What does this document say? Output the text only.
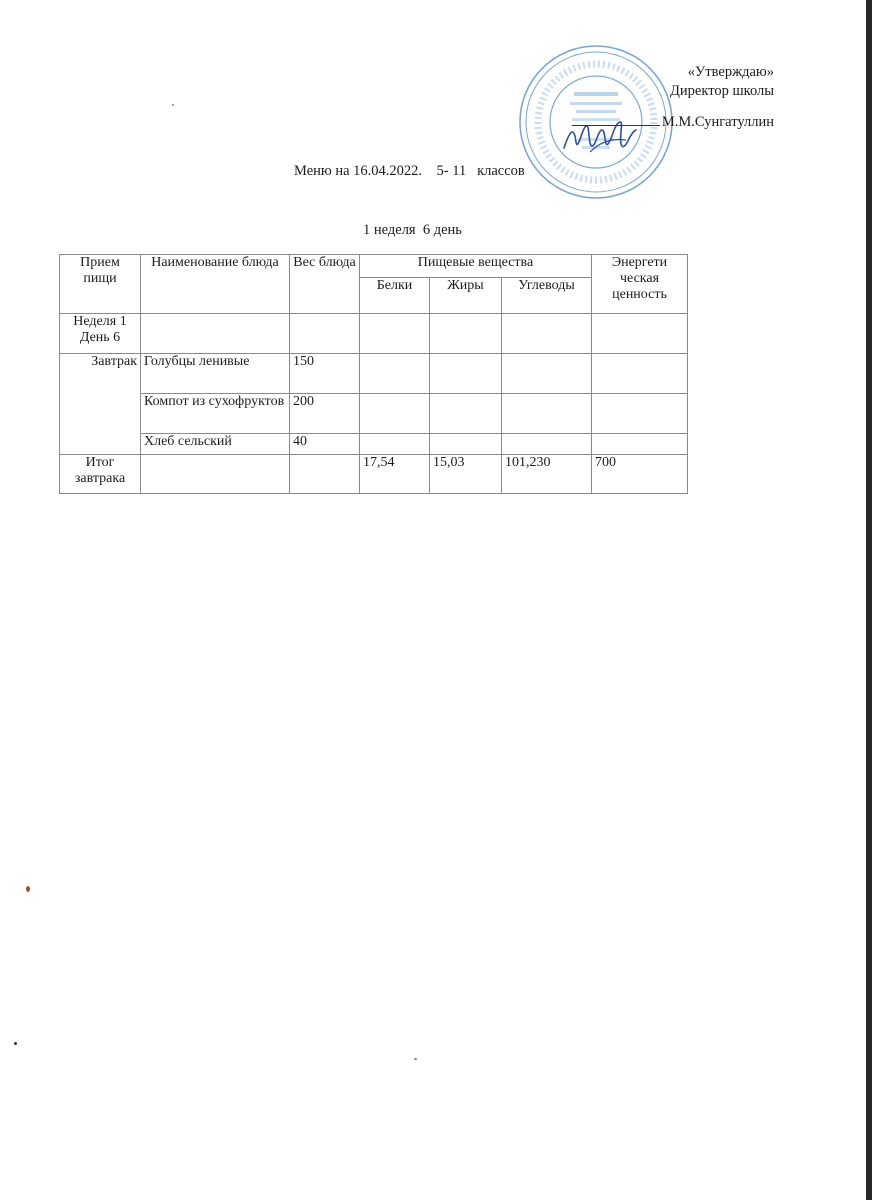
«Утверждаю»
Директор школы
М.М.Сунгатуллин
Меню на 16.04.2022.    5- 11   классов
1 неделя  6 день
Прием пищи	Наименование блюда	Вес блюда	Пищевые вещества			Энергети ческая ценность
			Белки	Жиры	Углеводы	
Неделя 1 День 6						
Завтрак	Голубцы ленивые	150				
	Компот из сухофруктов	200				
	Хлеб сельский	40				
Итог завтрака			17,54	15,03	101,230	700
